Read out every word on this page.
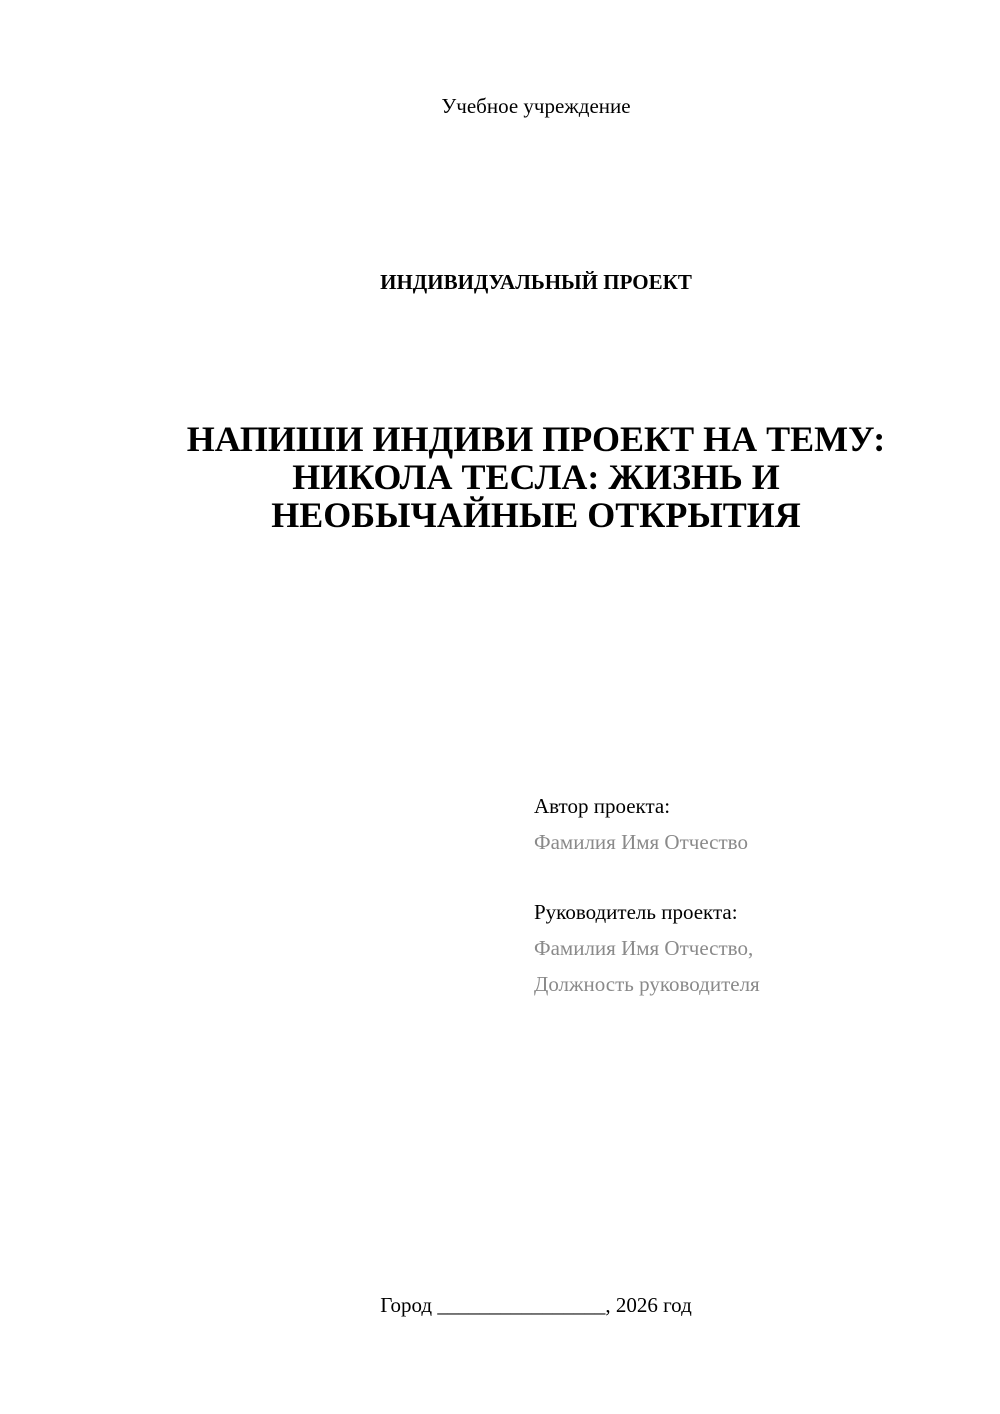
Учебное учреждение
ИНДИВИДУАЛЬНЫЙ ПРОЕКТ
НАПИШИ ИНДИВИ ПРОЕКТ НА ТЕМУ: НИКОЛА ТЕСЛА: ЖИЗНЬ И НЕОБЫЧАЙНЫЕ ОТКРЫТИЯ
Автор проекта:
Фамилия Имя Отчество
Руководитель проекта:
Фамилия Имя Отчество,
Должность руководителя
Город ________________, 2026 год
